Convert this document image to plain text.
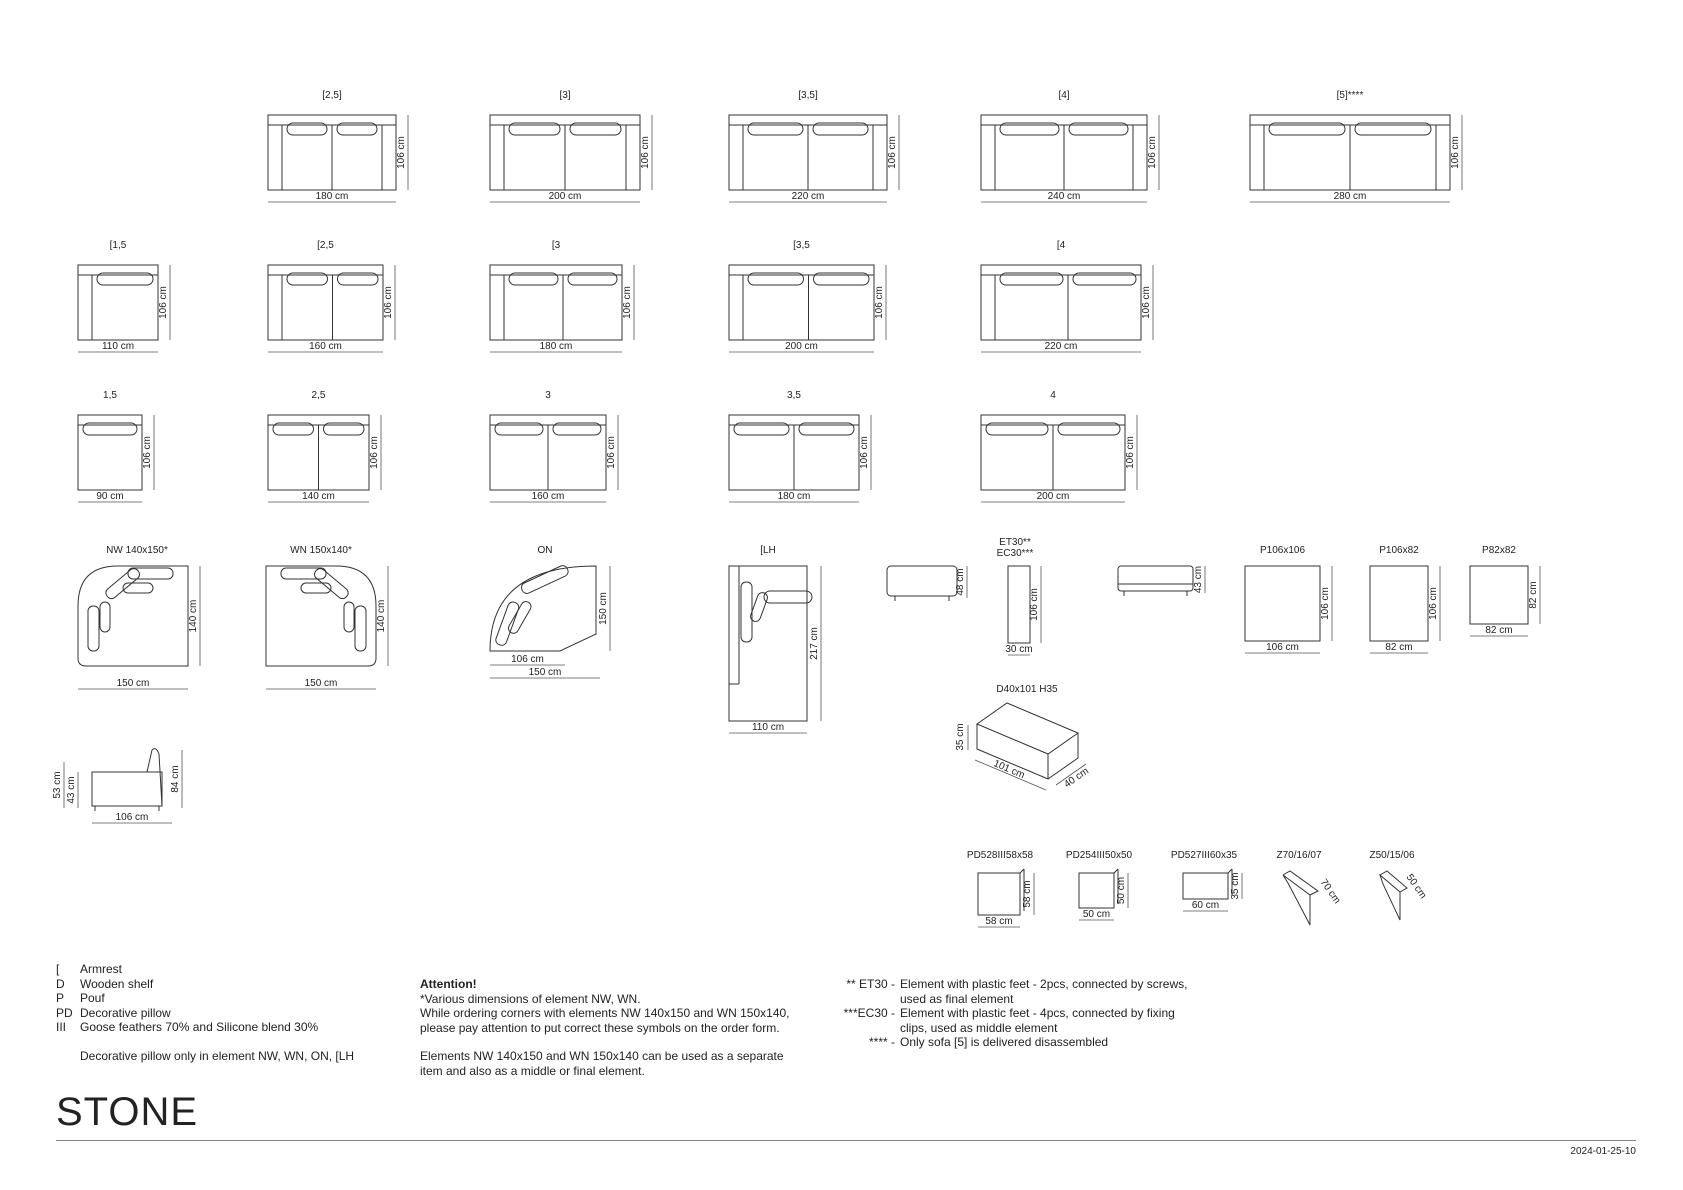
[2,5]
180 cm
106 cm
[3]
200 cm
106 cm
[3,5]
220 cm
106 cm
[4]
240 cm
106 cm
[5]****
280 cm
106 cm
[1,5
110 cm
106 cm
[2,5
160 cm
106 cm
[3
180 cm
106 cm
[3,5
200 cm
106 cm
[4
220 cm
106 cm
1,5
90 cm
106 cm
2,5
140 cm
106 cm
3
160 cm
106 cm
3,5
180 cm
106 cm
4
200 cm
106 cm
NW 140x150*
150 cm
140 cm
WN 150x140*
150 cm
140 cm
ON
106 cm
150 cm
150 cm
[LH
110 cm
217 cm
106 cm
84 cm
43 cm
53 cm
ET30**
EC30***
48 cm
106 cm
30 cm
43 cm
P106x106
106 cm
106 cm
P106x82
82 cm
106 cm
P82x82
82 cm
82 cm
D40x101 H35
35 cm
101 cm	40 cm
PD528III58x58
58 cm
58 cm
PD254III50x50
50 cm
50 cm
PD527III60x35
60 cm
35 cm
Z70/16/07
70 cm
Z50/15/06
50 cm
[	Armrest
D	Wooden shelf
P	Pouf
PD Decorative pillow
III	Goose feathers 70% and Silicone blend 30%
Decorative pillow only in element NW, WN, ON, [LH
Attention!
*Various dimensions of element NW, WN.
While ordering corners with elements NW 140x150 and WN 150x140,
please pay attention to put correct these symbols on the order form.
Elements NW 140x150 and WN 150x140 can be used as a separate
item and also as a middle or final element.
** ET30 - Element with plastic feet - 2pcs, connected by screws,
used as final element
***EC30 - Element with plastic feet - 4pcs, connected by fixing
clips, used as middle element
**** - Only sofa [5] is delivered disassembled
STONE
2024-01-25-10
